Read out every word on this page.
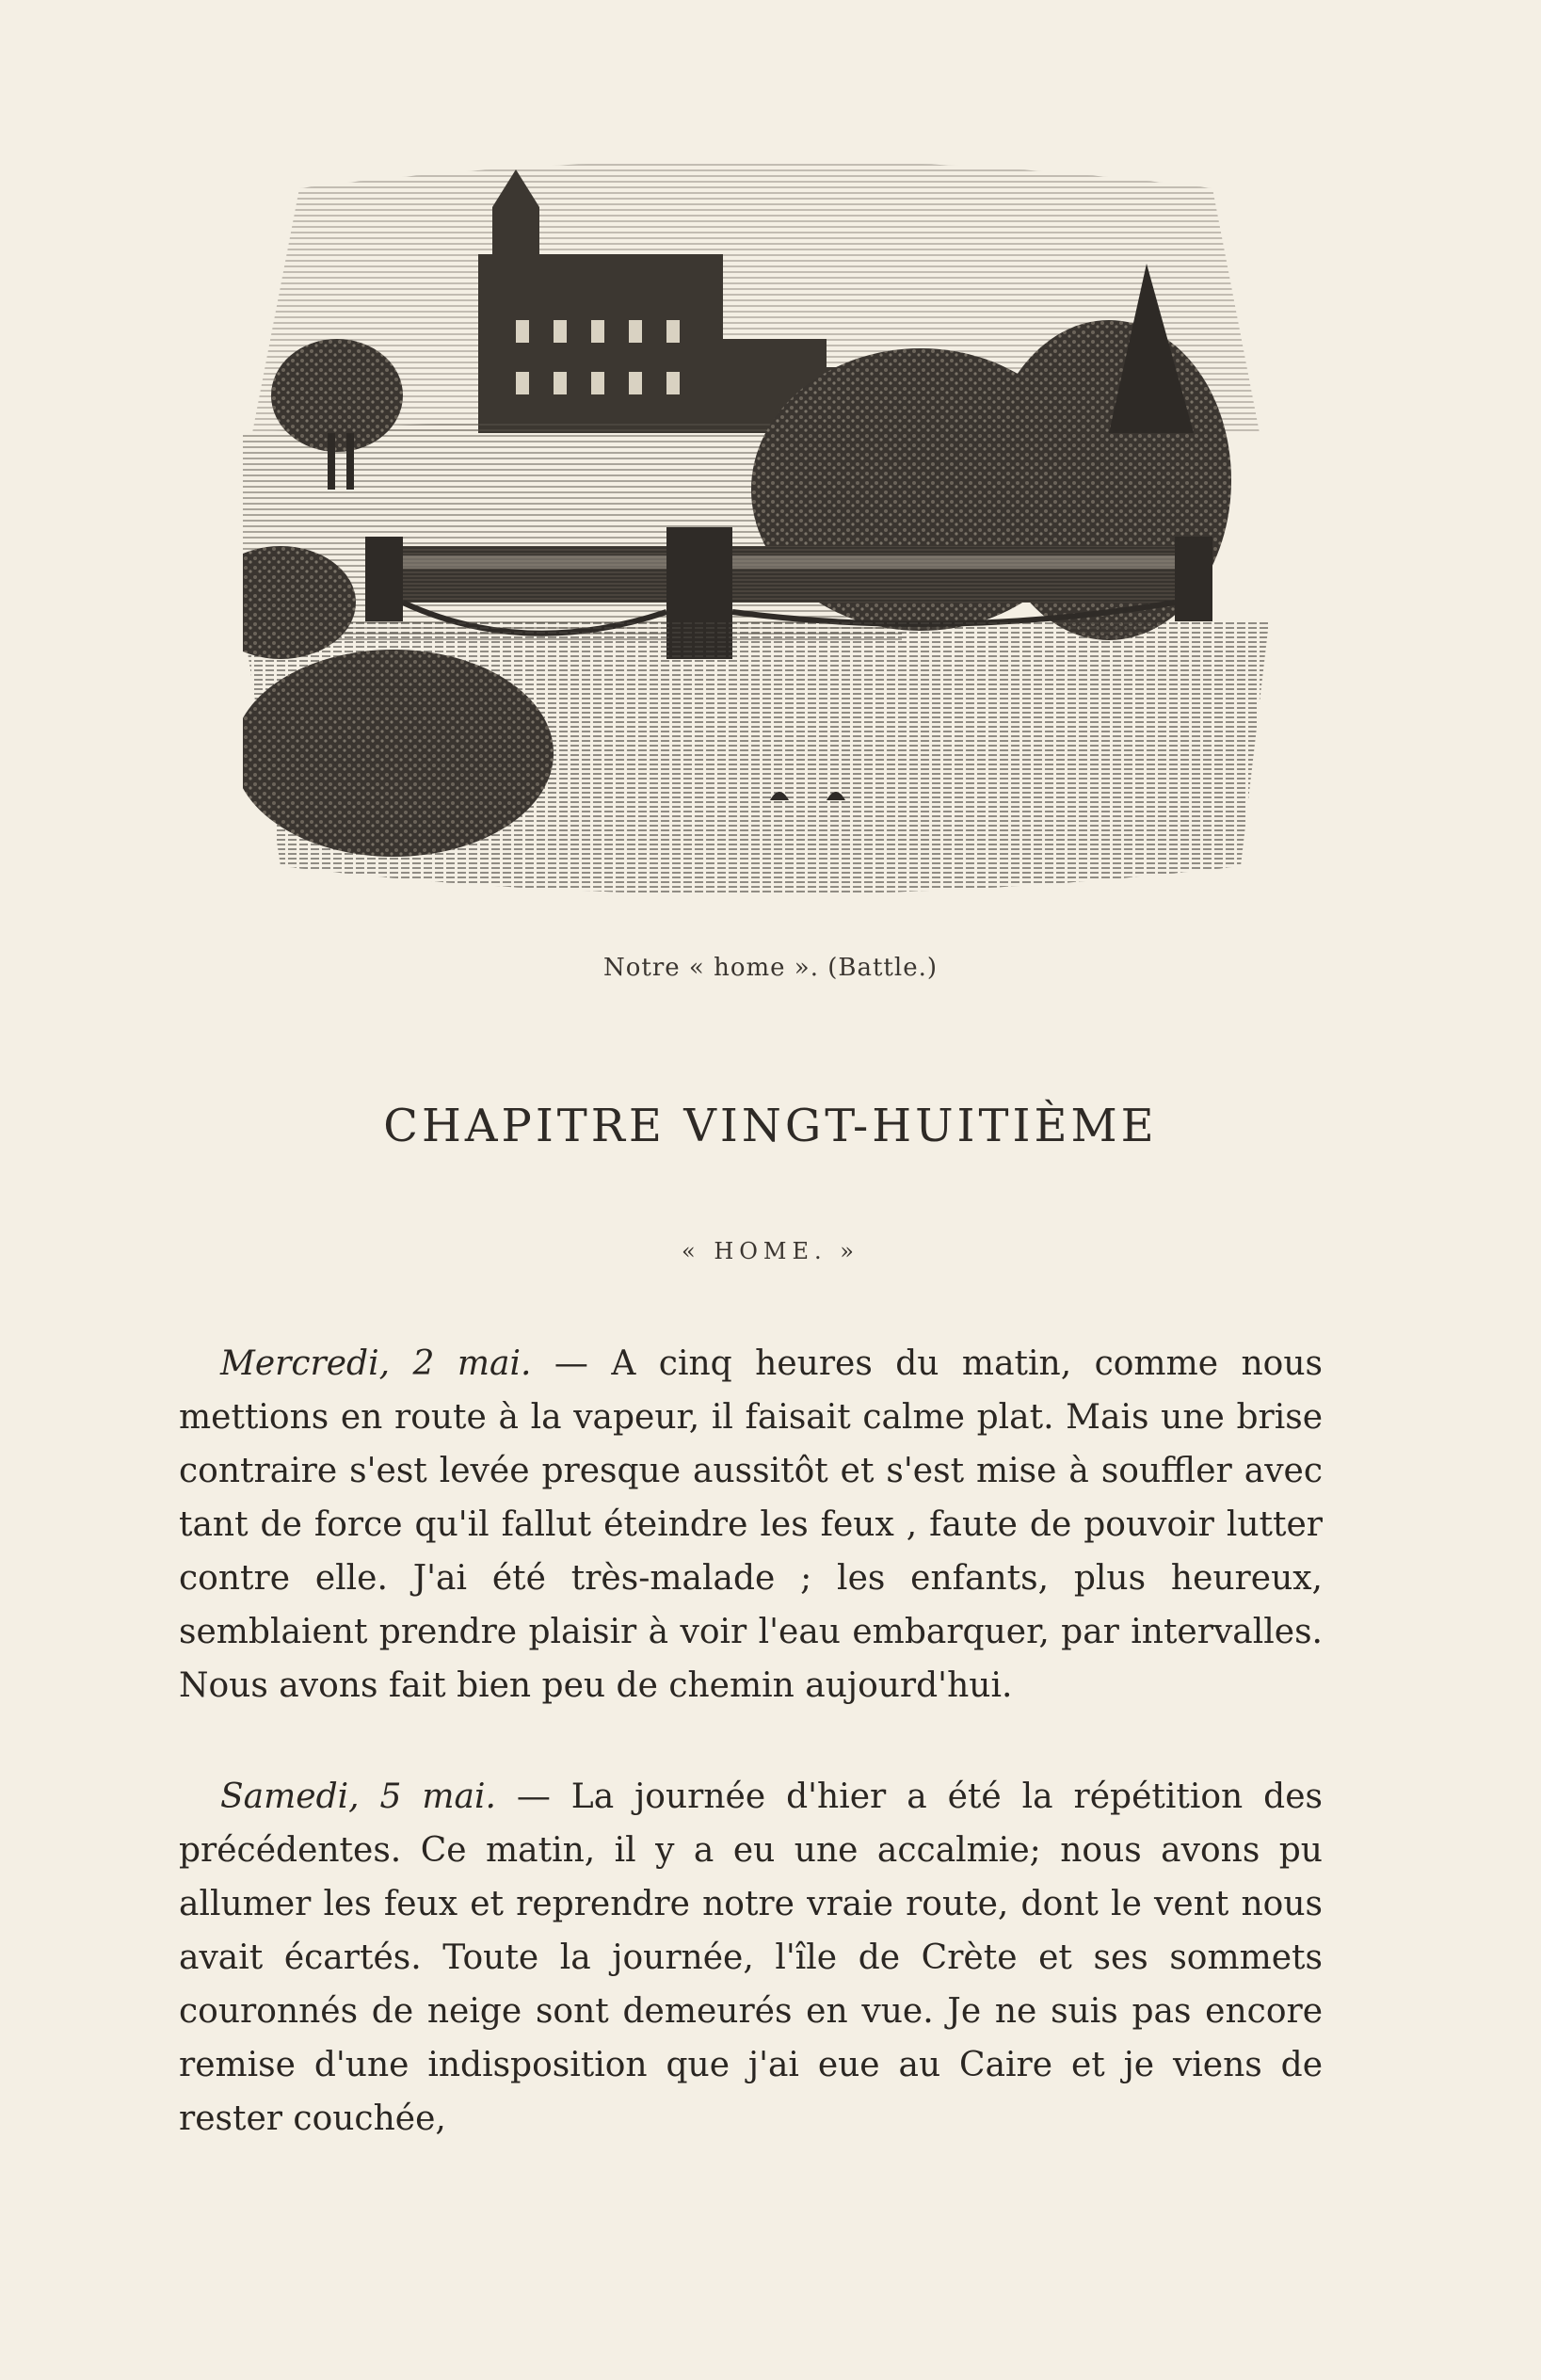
Notre « home ». (Battle.)
CHAPITRE VINGT-HUITIÈME
« HOME. »

Mercredi, 2 mai. — A cinq heures du matin, comme nous mettions en route à la vapeur, il faisait calme plat. Mais une brise contraire s'est levée presque aussitôt et s'est mise à souffler avec tant de force qu'il fallut éteindre les feux , faute de pouvoir lutter contre elle. J'ai été très-malade ; les enfants, plus heureux, semblaient prendre plaisir à voir l'eau embarquer, par intervalles. Nous avons fait bien peu de chemin aujourd'hui.

Samedi, 5 mai. — La journée d'hier a été la répétition des précédentes. Ce matin, il y a eu une accalmie; nous avons pu allumer les feux et reprendre notre vraie route, dont le vent nous avait écartés. Toute la journée, l'île de Crète et ses sommets couronnés de neige sont demeurés en vue. Je ne suis pas encore remise d'une indisposition que j'ai eue au Caire et je viens de rester couchée,
